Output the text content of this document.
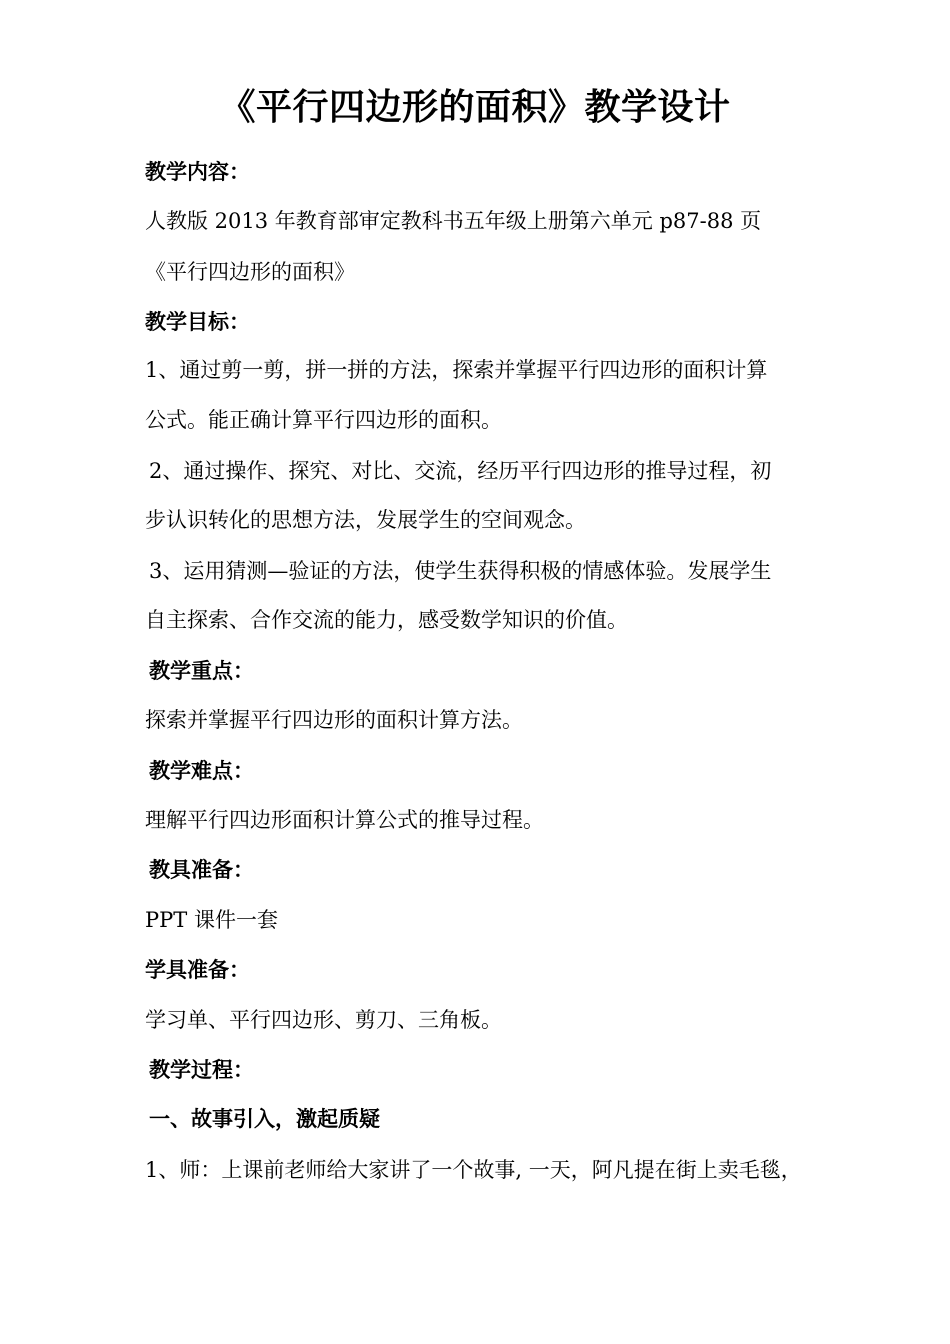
《平行四边形的面积》教学设计
教学内容：
人教版 2013 年教育部审定教科书五年级上册第六单元 p87-88 页
《平行四边形的面积》
教学目标：
1、通过剪一剪，拼一拼的方法，探索并掌握平行四边形的面积计算
公式。能正确计算平行四边形的面积。
2、通过操作、探究、对比、交流，经历平行四边形的推导过程，初
步认识转化的思想方法，发展学生的空间观念。
3、运用猜测—验证的方法，使学生获得积极的情感体验。发展学生
自主探索、合作交流的能力，感受数学知识的价值。
教学重点：
探索并掌握平行四边形的面积计算方法。
教学难点：
理解平行四边形面积计算公式的推导过程。
教具准备：
PPT 课件一套
学具准备：
学习单、平行四边形、剪刀、三角板。
教学过程：
一、故事引入，激起质疑
1、师：上课前老师给大家讲了一个故事, 一天，阿凡提在街上卖毛毯，
